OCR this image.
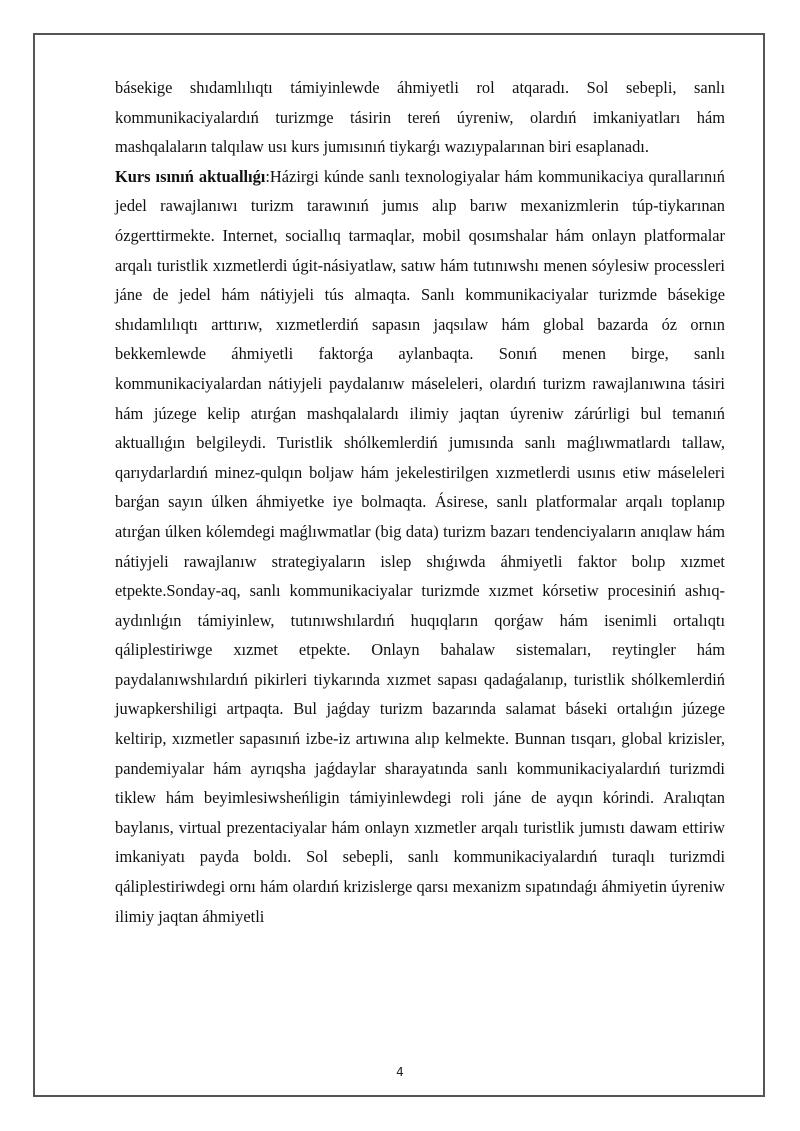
básekige shıdamlılıqtı támiyinlewde áhmiyetli rol atqaradı. Sol sebepli, sanlı kommunikaciyalardıń turizmge tásirin tereń úyreniw, olardıń imkaniyatları hám mashqalaların talqılaw usı kurs jumısınıń tiykarǵı wazıypalarınan biri esaplanadı.

Kurs ısınıń aktuallıǵı:Házirgi kúnde sanlı texnologiyalar hám kommunikaciya qurallarınıń jedel rawajlanıwı turizm tarawınıń jumıs alıp barıw mexanizmlerin túp-tiykarınan ózgerttirmekte. Internet, sociallıq tarmaqlar, mobil qosımshalar hám onlayn platformalar arqalı turistlik xızmetlerdi úgit-násiyatlaw, satıw hám tutınıwshı menen sóylesiw processleri jáne de jedel hám nátiyjeli tús almaqta. Sanlı kommunikaciyalar turizmde básekige shıdamlılıqtı arttırıw, xızmetlerdiń sapasın jaqsılaw hám global bazarda óz ornın bekkemlewde áhmiyetli faktorǵa aylanbaqta. Sonıń menen birge, sanlı kommunikaciyalardan nátiyjeli paydalanıw máseleleri, olardıń turizm rawajlanıwına tásiri hám júzege kelip atırǵan mashqalalardı ilimiy jaqtan úyreniw zárúrligi bul temanıń aktuallıǵın belgileydi. Turistlik shólkemlerdiń jumısında sanlı maǵlıwmatlardı tallaw, qarıydarlardıń minez-qulqın boljaw hám jekelestirilgen xızmetlerdi usınıs etiw máseleleri barǵan sayın úlken áhmiyetke iye bolmaqta. Ásirese, sanlı platformalar arqalı toplanıp atırǵan úlken kólemdegi maǵlıwmatlar (big data) turizm bazarı tendenciyaların anıqlaw hám nátiyjeli rawajlanıw strategiyaların islep shıǵıwda áhmiyetli faktor bolıp xızmet etpekte.Sonday-aq, sanlı kommunikaciyalar turizmde xızmet kórsetiw procesiniń ashıq-aydınlıǵın támiyinlew, tutınıwshılardıń huqıqların qorǵaw hám isenimli ortalıqtı qáliplestiriwge xızmet etpekte. Onlayn bahalaw sistemaları, reytingler hám paydalanıwshılardıń pikirleri tiykarında xızmet sapası qadaǵalanıp, turistlik shólkemlerdiń juwapkershiligi artpaqta. Bul jaǵday turizm bazarında salamat báseki ortalıǵın júzege keltirip, xızmetler sapasınıń izbe-iz artıwına alıp kelmekte. Bunnan tısqarı, global krizisler, pandemiyalar hám ayrıqsha jaǵdaylar sharayatında sanlı kommunikaciyalardıń turizmdi tiklew hám beyimlesiwsheńligin támiyinlewdegi roli jáne de ayqın kórindi. Aralıqtan baylanıs, virtual prezentaciyalar hám onlayn xızmetler arqalı turistlik jumıstı dawam ettiriw imkaniyatı payda boldı. Sol sebepli, sanlı kommunikaciyalardıń turaqlı turizmdi qáliplestiriwdegi ornı hám olardıń krizislerge qarsı mexanizm sıpatındaǵı áhmiyetin úyreniw ilimiy jaqtan áhmiyetli

4
